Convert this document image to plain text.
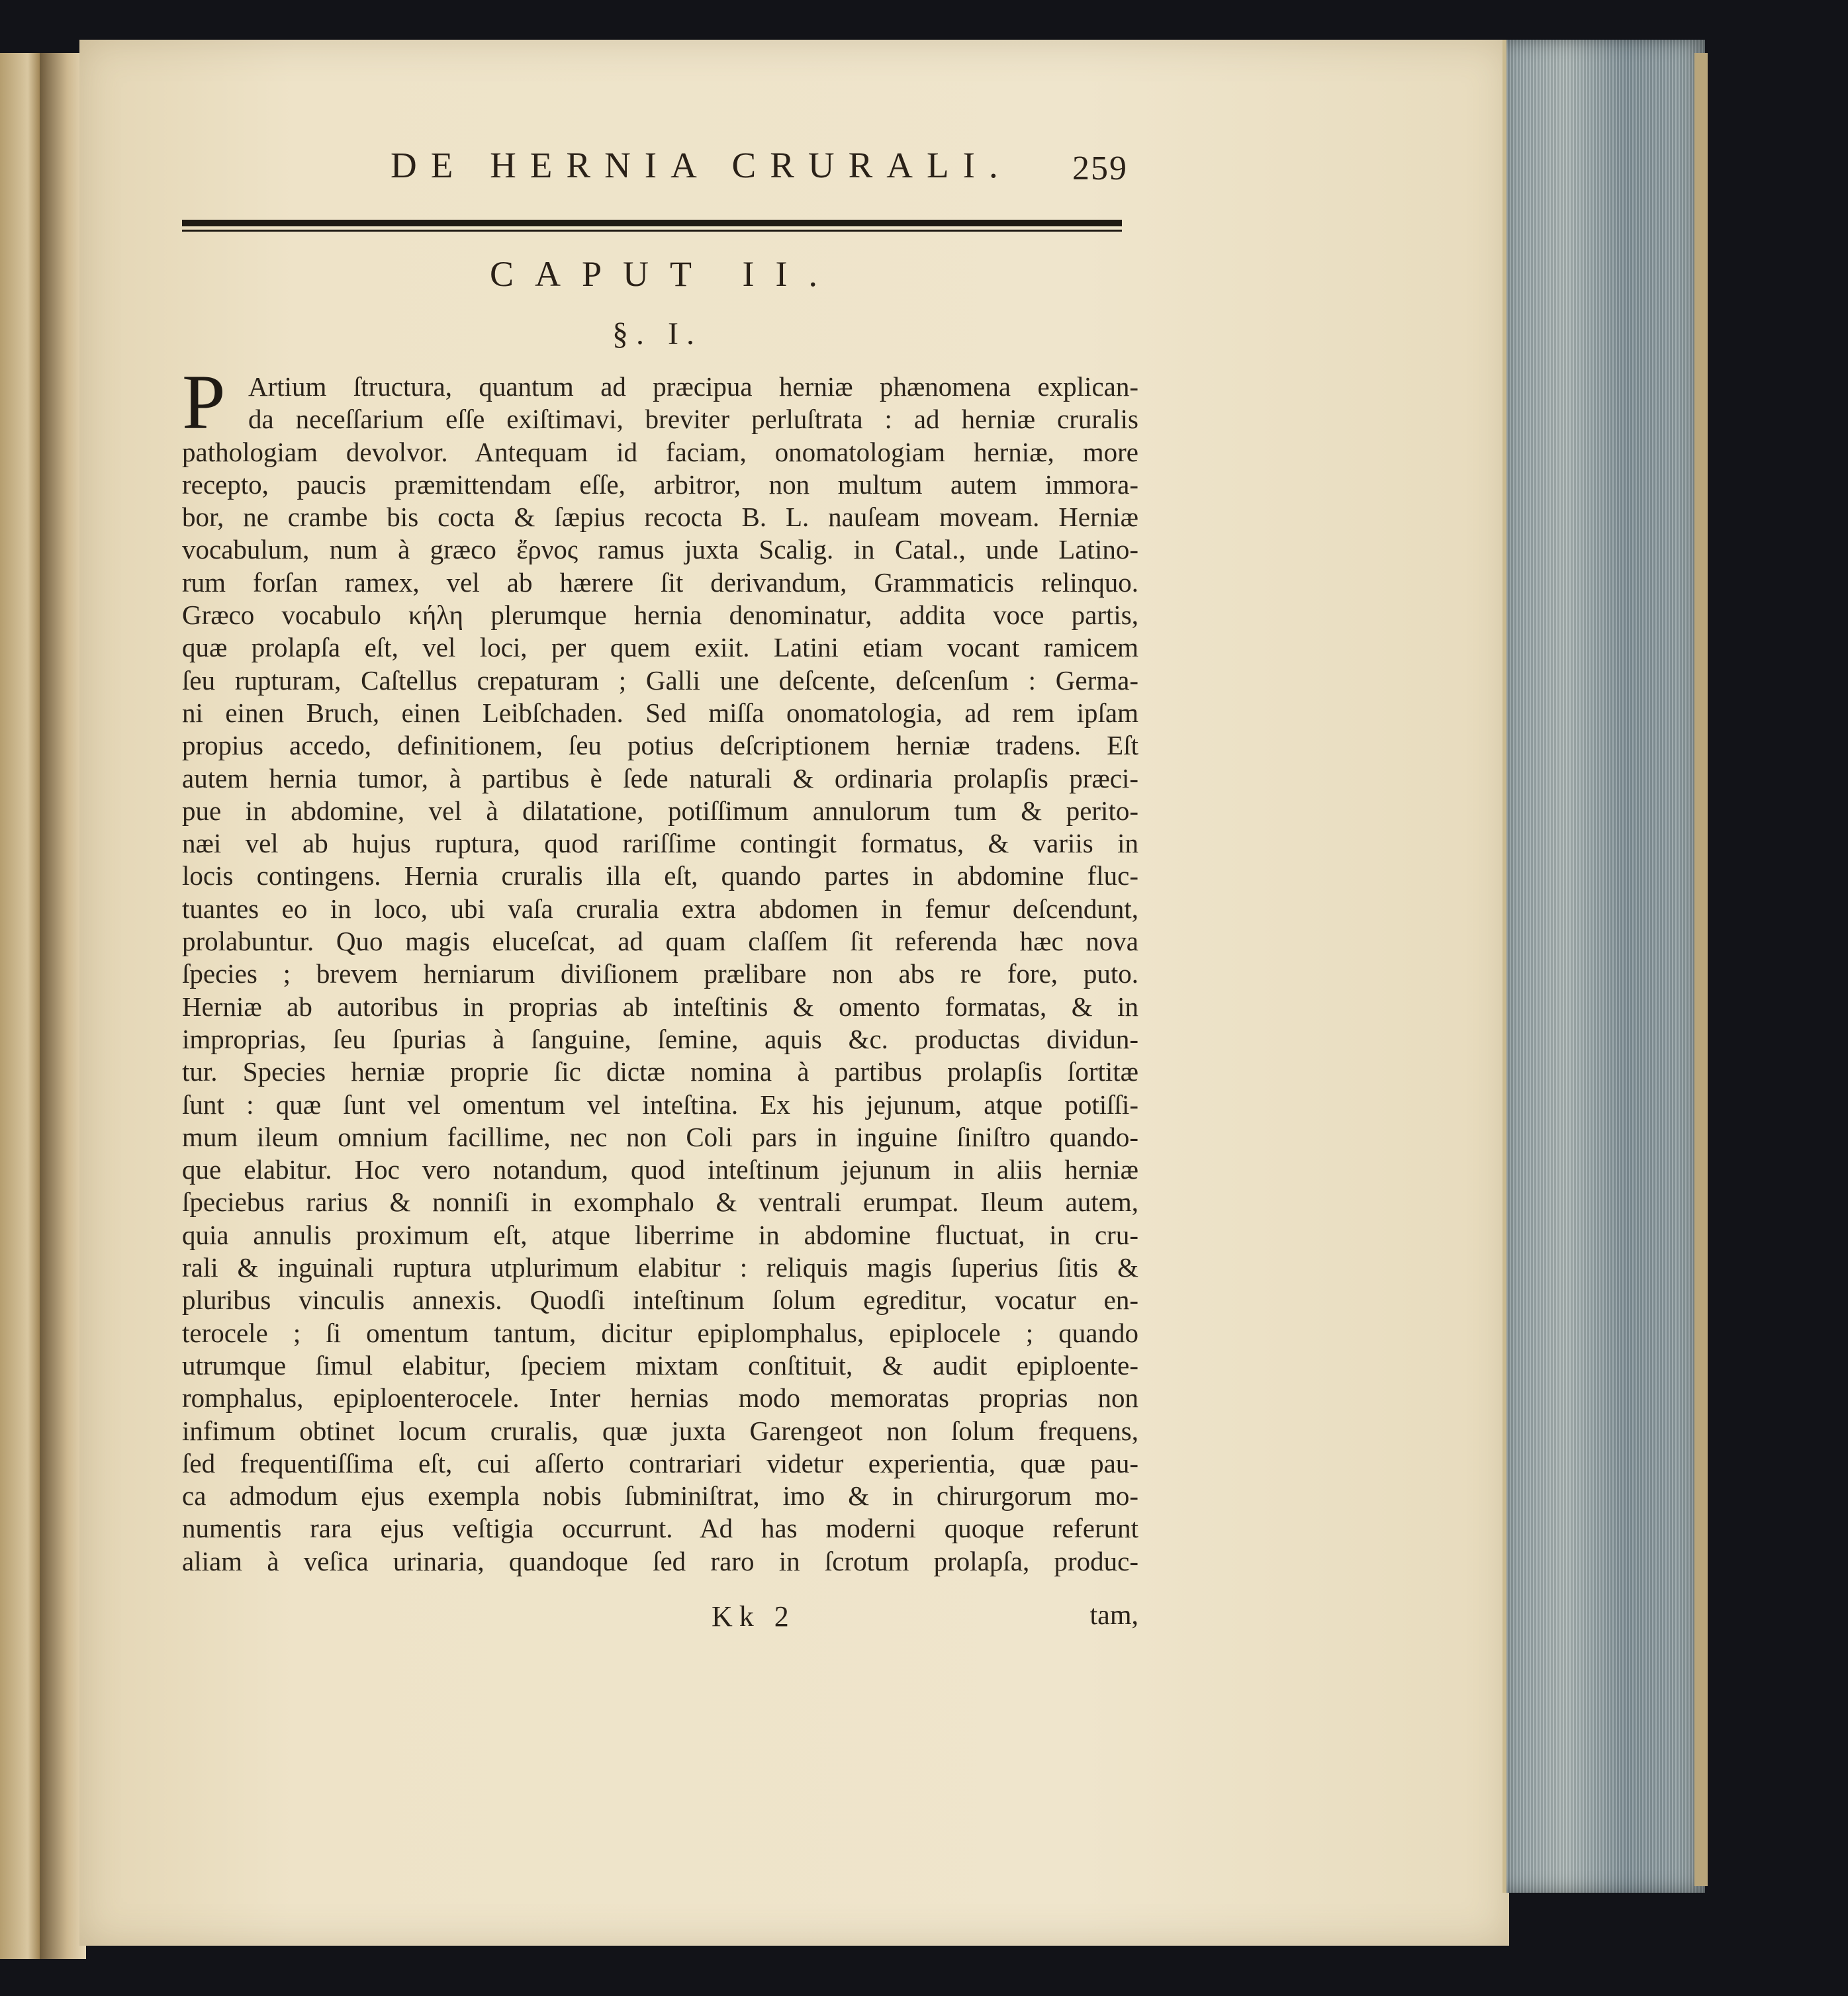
DE HERNIA CRURALI.	259
CAPUT II.
§. I.
P Artium ſtructura, quantum ad præcipua herniæ phænomena explican-
da neceſſarium eſſe exiſtimavi, breviter perluſtrata : ad herniæ cruralis
pathologiam devolvor. Antequam id faciam, onomatologiam herniæ, more
recepto, paucis præmittendam eſſe, arbitror, non multum autem immora-
bor, ne crambe bis cocta & ſæpius recocta B. L. nauſeam moveam. Herniæ
vocabulum, num à græco ἔρνος ramus juxta Scalig. in Catal., unde Latino-
rum forſan ramex, vel ab hærere ſit derivandum, Grammaticis relinquo.
Græco vocabulo κήλη plerumque hernia denominatur, addita voce partis,
quæ prolapſa eſt, vel loci, per quem exiit. Latini etiam vocant ramicem
ſeu rupturam, Caſtellus crepaturam ; Galli une deſcente, deſcenſum : Germa-
ni einen Bruch, einen Leibſchaden. Sed miſſa onomatologia, ad rem ipſam
propius accedo, definitionem, ſeu potius deſcriptionem herniæ tradens. Eſt
autem hernia tumor, à partibus è ſede naturali & ordinaria prolapſis præci-
pue in abdomine, vel à dilatatione, potiſſimum annulorum tum & perito-
næi vel ab hujus ruptura, quod rariſſime contingit formatus, & variis in
locis contingens. Hernia cruralis illa eſt, quando partes in abdomine fluc-
tuantes eo in loco, ubi vaſa cruralia extra abdomen in femur deſcendunt,
prolabuntur. Quo magis eluceſcat, ad quam claſſem ſit referenda hæc nova
ſpecies ; brevem herniarum diviſionem prælibare non abs re fore, puto.
Herniæ ab autoribus in proprias ab inteſtinis & omento formatas, & in
improprias, ſeu ſpurias à ſanguine, ſemine, aquis &c. productas dividun-
tur. Species herniæ proprie ſic dictæ nomina à partibus prolapſis ſortitæ
ſunt : quæ ſunt vel omentum vel inteſtina. Ex his jejunum, atque potiſſi-
mum ileum omnium facillime, nec non Coli pars in inguine ſiniſtro quando-
que elabitur. Hoc vero notandum, quod inteſtinum jejunum in aliis herniæ
ſpeciebus rarius & nonniſi in exomphalo & ventrali erumpat. Ileum autem,
quia annulis proximum eſt, atque liberrime in abdomine fluctuat, in cru-
rali & inguinali ruptura utplurimum elabitur : reliquis magis ſuperius ſitis &
pluribus vinculis annexis. Quodſi inteſtinum ſolum egreditur, vocatur en-
terocele ; ſi omentum tantum, dicitur epiplomphalus, epiplocele ; quando
utrumque ſimul elabitur, ſpeciem mixtam conſtituit, & audit epiploente-
romphalus, epiploenterocele. Inter hernias modo memoratas proprias non
infimum obtinet locum cruralis, quæ juxta Garengeot non ſolum frequens,
ſed frequentiſſima eſt, cui aſſerto contrariari videtur experientia, quæ pau-
ca admodum ejus exempla nobis ſubminiſtrat, imo & in chirurgorum mo-
numentis rara ejus veſtigia occurrunt. Ad has moderni quoque referunt
aliam à veſica urinaria, quandoque ſed raro in ſcrotum prolapſa, produc-
Kk 2	tam,
